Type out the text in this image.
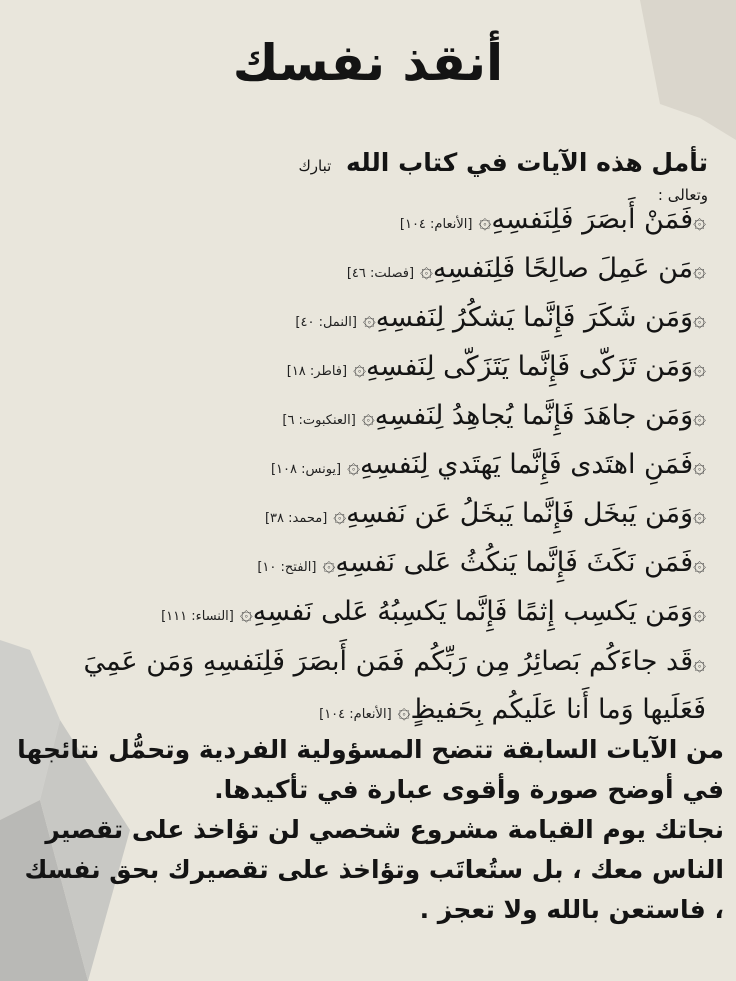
أنقذ نفسك
تأمل هذه الآيات في كتاب الله تبارك وتعالى :
۞فَمَنْ أَبصَرَ فَلِنَفسِهِ۞[الأنعام: ١٠٤]
۞مَن عَمِلَ صالِحًا فَلِنَفسِهِ۞[فصلت: ٤٦]
۞وَمَن شَكَرَ فَإِنَّما يَشكُرُ لِنَفسِهِ۞[النمل: ٤٠]
۞وَمَن تَزَكّى فَإِنَّما يَتَزَكّى لِنَفسِهِ۞[فاطر: ١٨]
۞وَمَن جاهَدَ فَإِنَّما يُجاهِدُ لِنَفسِهِ۞[العنكبوت: ٦]
۞فَمَنِ اهتَدى فَإِنَّما يَهتَدي لِنَفسِهِ۞[يونس: ١٠٨]
۞وَمَن يَبخَل فَإِنَّما يَبخَلُ عَن نَفسِهِ۞[محمد: ٣٨]
۞فَمَن نَكَثَ فَإِنَّما يَنكُثُ عَلى نَفسِهِ۞[الفتح: ١٠]
۞وَمَن يَكسِب إِثمًا فَإِنَّما يَكسِبُهُ عَلى نَفسِهِ۞[النساء: ١١١]
۞قَد جاءَكُم بَصائِرُ مِن رَبِّكُم فَمَن أَبصَرَ فَلِنَفسِهِ وَمَن عَمِيَ فَعَلَيها وَما أَنا عَلَيكُم بِحَفيظٍ۞[الأنعام: ١٠٤]

من الآيات السابقة تتضح المسؤولية الفردية وتحمُّل نتائجها في أوضح صورة وأقوى عبارة في تأكيدها.

نجاتك يوم القيامة مشروع شخصي لن تؤاخذ على تقصير الناس معك ، بل ستُعاتَب وتؤاخذ على تقصيرك بحق نفسك ، فاستعن بالله ولا تعجز .
